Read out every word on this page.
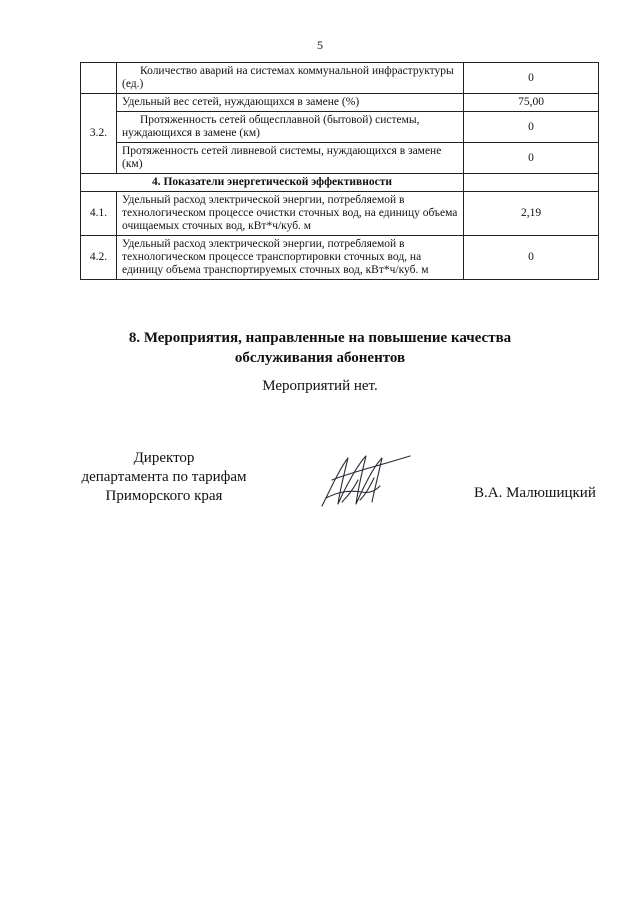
5
	Количество аварий на системах коммунальной инфраструктуры (ед.)	0
3.2.	Удельный вес сетей, нуждающихся в замене (%)	75,00
	Протяженность сетей общесплавной (бытовой) системы, нуждающихся в замене (км)	0
	Протяженность сетей ливневой системы, нуждающихся в замене (км)	0
4. Показатели энергетической эффективности		
4.1.	Удельный расход электрической энергии, потребляемой в технологическом процессе очистки сточных вод, на единицу объема очищаемых сточных вод, кВт*ч/куб. м	2,19
4.2.	Удельный расход электрической энергии, потребляемой в технологическом процессе транспортировки сточных вод, на единицу объема транспортируемых сточных вод, кВт*ч/куб. м	0
8. Мероприятия, направленные на повышение качества
обслуживания абонентов
Мероприятий нет.
Директор
департамента по тарифам
Приморского края	В.А. Малюшицкий
